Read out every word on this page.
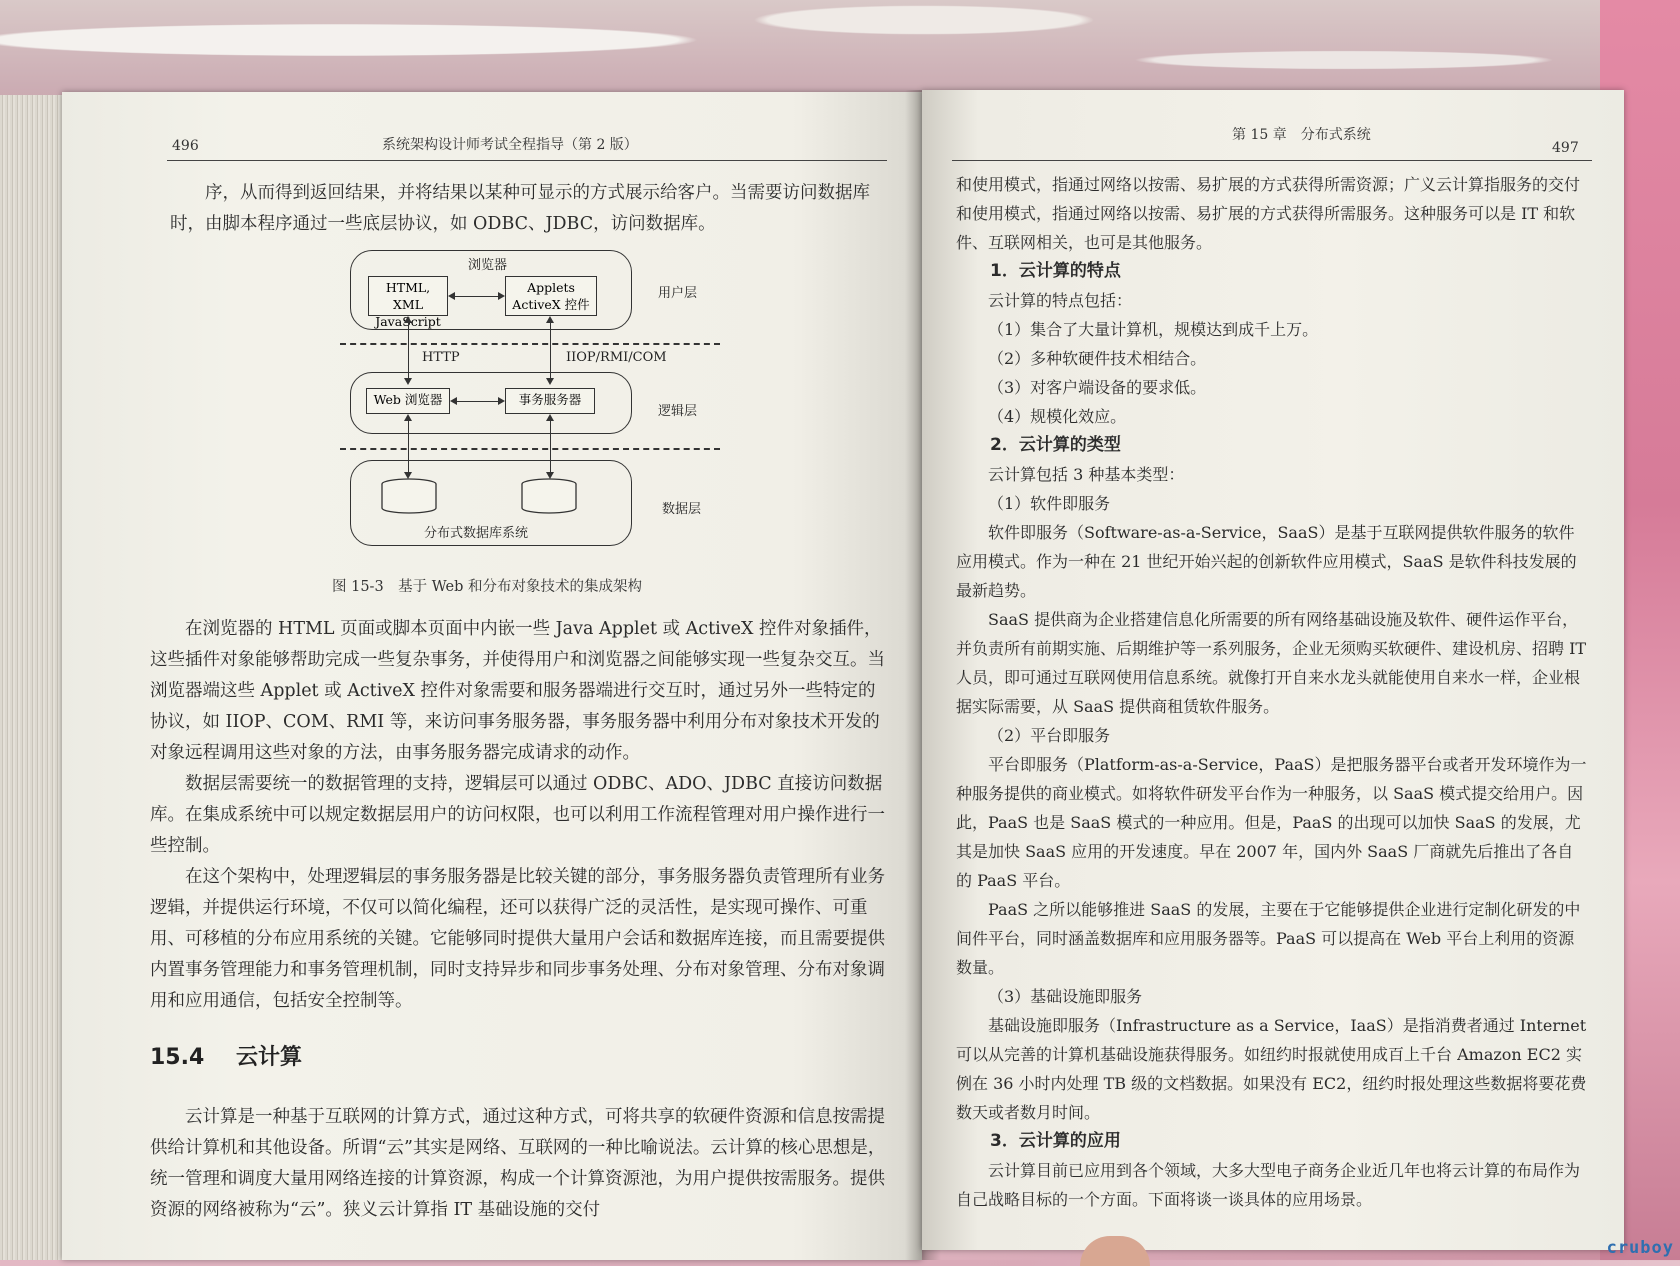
496	系统架构设计师考试全程指导（第 2 版）

序，从而得到返回结果，并将结果以某种可显示的方式展示给客户。当需要访问数据库时，由脚本程序通过一些底层协议，如 ODBC、JDBC，访问数据库。

图 15-3　基于 Web 和分布对象技术的集成架构

在浏览器的 HTML 页面或脚本页面中内嵌一些 Java Applet 或 ActiveX 控件对象插件，这些插件对象能够帮助完成一些复杂事务，并使得用户和浏览器之间能够实现一些复杂交互。当浏览器端这些 Applet 或 ActiveX 控件对象需要和服务器端进行交互时，通过另外一些特定的协议，如 IIOP、COM、RMI 等，来访问事务服务器，事务服务器中利用分布对象技术开发的对象远程调用这些对象的方法，由事务服务器完成请求的动作。

数据层需要统一的数据管理的支持，逻辑层可以通过 ODBC、ADO、JDBC 直接访问数据库。在集成系统中可以规定数据层用户的访问权限，也可以利用工作流程管理对用户操作进行一些控制。

在这个架构中，处理逻辑层的事务服务器是比较关键的部分，事务服务器负责管理所有业务逻辑，并提供运行环境，不仅可以简化编程，还可以获得广泛的灵活性，是实现可操作、可重用、可移植的分布应用系统的关键。它能够同时提供大量用户会话和数据库连接，而且需要提供内置事务管理能力和事务管理机制，同时支持异步和同步事务处理、分布对象管理、分布对象调用和应用通信，包括安全控制等。

15.4 云计算

云计算是一种基于互联网的计算方式，通过这种方式，可将共享的软硬件资源和信息按需提供给计算机和其他设备。所谓“云”其实是网络、互联网的一种比喻说法。云计算的核心思想是，统一管理和调度大量用网络连接的计算资源，构成一个计算资源池，为用户提供按需服务。提供资源的网络被称为“云”。狭义云计算指 IT 基础设施的交付

浏览器
HTML, XML
JavaScript
Applets
ActiveX 控件
用户层
HTTP	IIOP/RMI/COM
Web 浏览器	事务服务器
逻辑层
分布式数据库系统
数据层
第 15 章　分布式系统
497

和使用模式，指通过网络以按需、易扩展的方式获得所需资源；广义云计算指服务的交付和使用模式，指通过网络以按需、易扩展的方式获得所需服务。这种服务可以是 IT 和软件、互联网相关，也可是其他服务。

1．云计算的特点

云计算的特点包括：

（1）集合了大量计算机，规模达到成千上万。

（2）多种软硬件技术相结合。

（3）对客户端设备的要求低。

（4）规模化效应。

2．云计算的类型

云计算包括 3 种基本类型：

（1）软件即服务

软件即服务（Software-as-a-Service，SaaS）是基于互联网提供软件服务的软件应用模式。作为一种在 21 世纪开始兴起的创新软件应用模式，SaaS 是软件科技发展的最新趋势。

SaaS 提供商为企业搭建信息化所需要的所有网络基础设施及软件、硬件运作平台，并负责所有前期实施、后期维护等一系列服务，企业无须购买软硬件、建设机房、招聘 IT 人员，即可通过互联网使用信息系统。就像打开自来水龙头就能使用自来水一样，企业根据实际需要，从 SaaS 提供商租赁软件服务。

（2）平台即服务

平台即服务（Platform-as-a-Service，PaaS）是把服务器平台或者开发环境作为一种服务提供的商业模式。如将软件研发平台作为一种服务，以 SaaS 模式提交给用户。因此，PaaS 也是 SaaS 模式的一种应用。但是，PaaS 的出现可以加快 SaaS 的发展，尤其是加快 SaaS 应用的开发速度。早在 2007 年，国内外 SaaS 厂商就先后推出了各自的 PaaS 平台。

PaaS 之所以能够推进 SaaS 的发展，主要在于它能够提供企业进行定制化研发的中间件平台，同时涵盖数据库和应用服务器等。PaaS 可以提高在 Web 平台上利用的资源数量。

（3）基础设施即服务

基础设施即服务（Infrastructure as a Service，IaaS）是指消费者通过 Internet 可以从完善的计算机基础设施获得服务。如纽约时报就使用成百上千台 Amazon EC2 实例在 36 小时内处理 TB 级的文档数据。如果没有 EC2，纽约时报处理这些数据将要花费数天或者数月时间。

3．云计算的应用

云计算目前已应用到各个领域，大多大型电子商务企业近几年也将云计算的布局作为自己战略目标的一个方面。下面将谈一谈具体的应用场景。

cruboy
